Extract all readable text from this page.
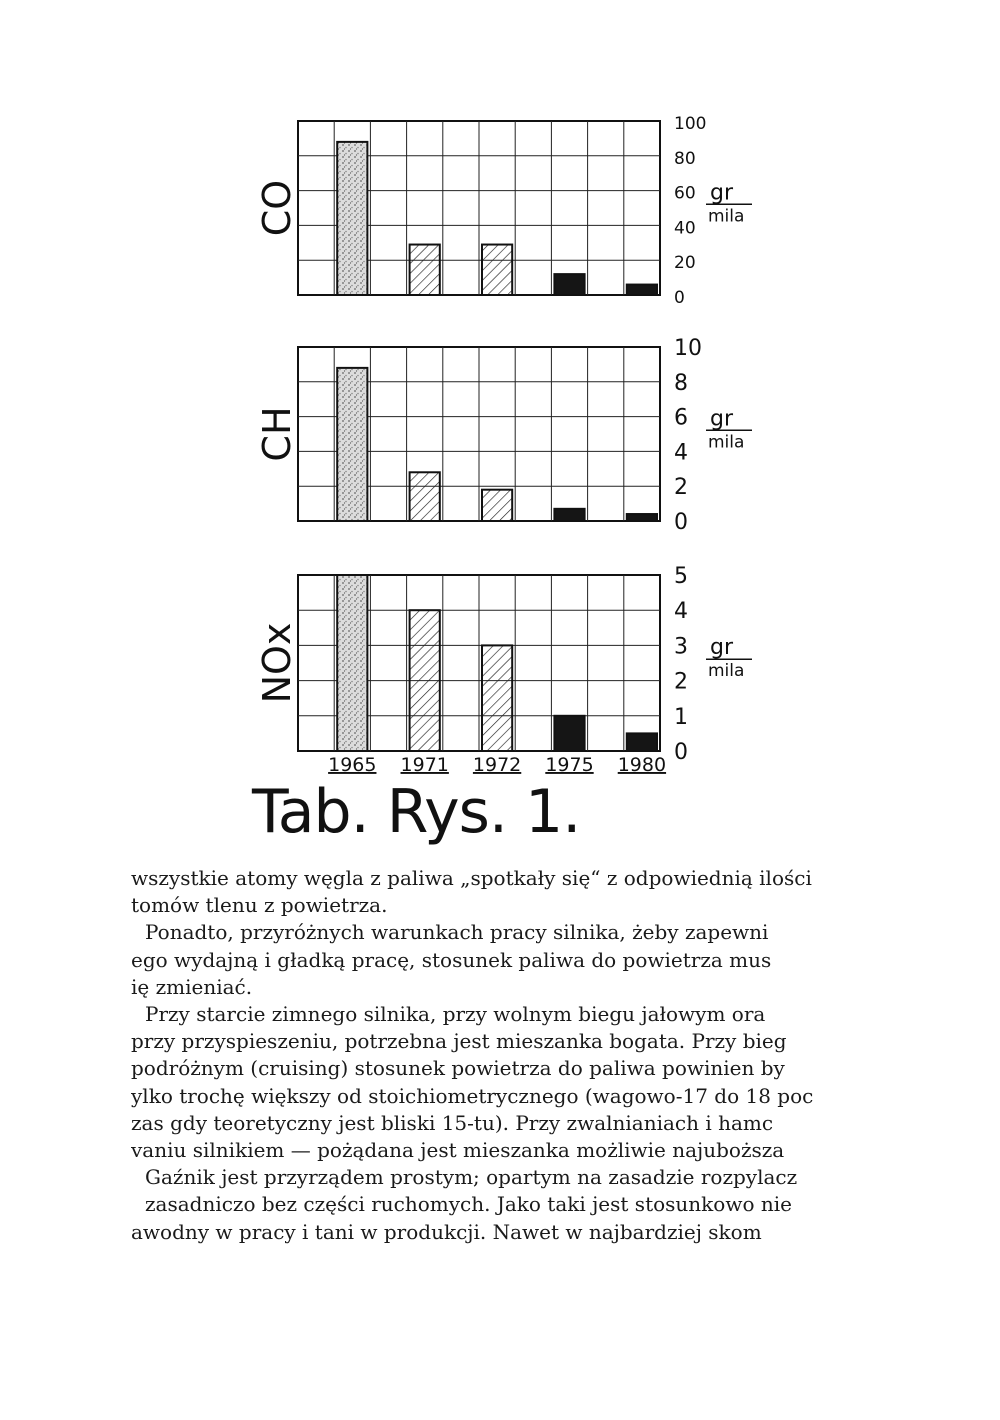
100
80
60
40
20
0
gr
mila
CO
10
8
6
4
2
0
gr
mila
CH
5
4
3
2
1
0
gr
mila
NOx
1965 1971 1972 1975 1980
Tab. Rys. 1.

wszystkie atomy węgla z paliwa „spotkały się“ z odpowiednią ilości

tomów tlenu z powietrza.

Ponadto, przyróżnych warunkach pracy silnika, żeby zapewni

ego wydajną i gładką pracę, stosunek paliwa do powietrza mus

ię zmieniać.

Przy starcie zimnego silnika, przy wolnym biegu jałowym ora

przy przyspieszeniu, potrzebna jest mieszanka bogata. Przy bieg

podróżnym (cruising) stosunek powietrza do paliwa powinien by

ylko trochę większy od stoichiometrycznego (wagowo-17 do 18 poc

zas gdy teoretyczny jest bliski 15-tu). Przy zwalnianiach i hamc

vaniu silnikiem — pożądana jest mieszanka możliwie najuboższa

Gaźnik jest przyrządem prostym; opartym na zasadzie rozpylacz

zasadniczo bez części ruchomych. Jako taki jest stosunkowo nie

awodny w pracy i tani w produkcji. Nawet w najbardziej skom
